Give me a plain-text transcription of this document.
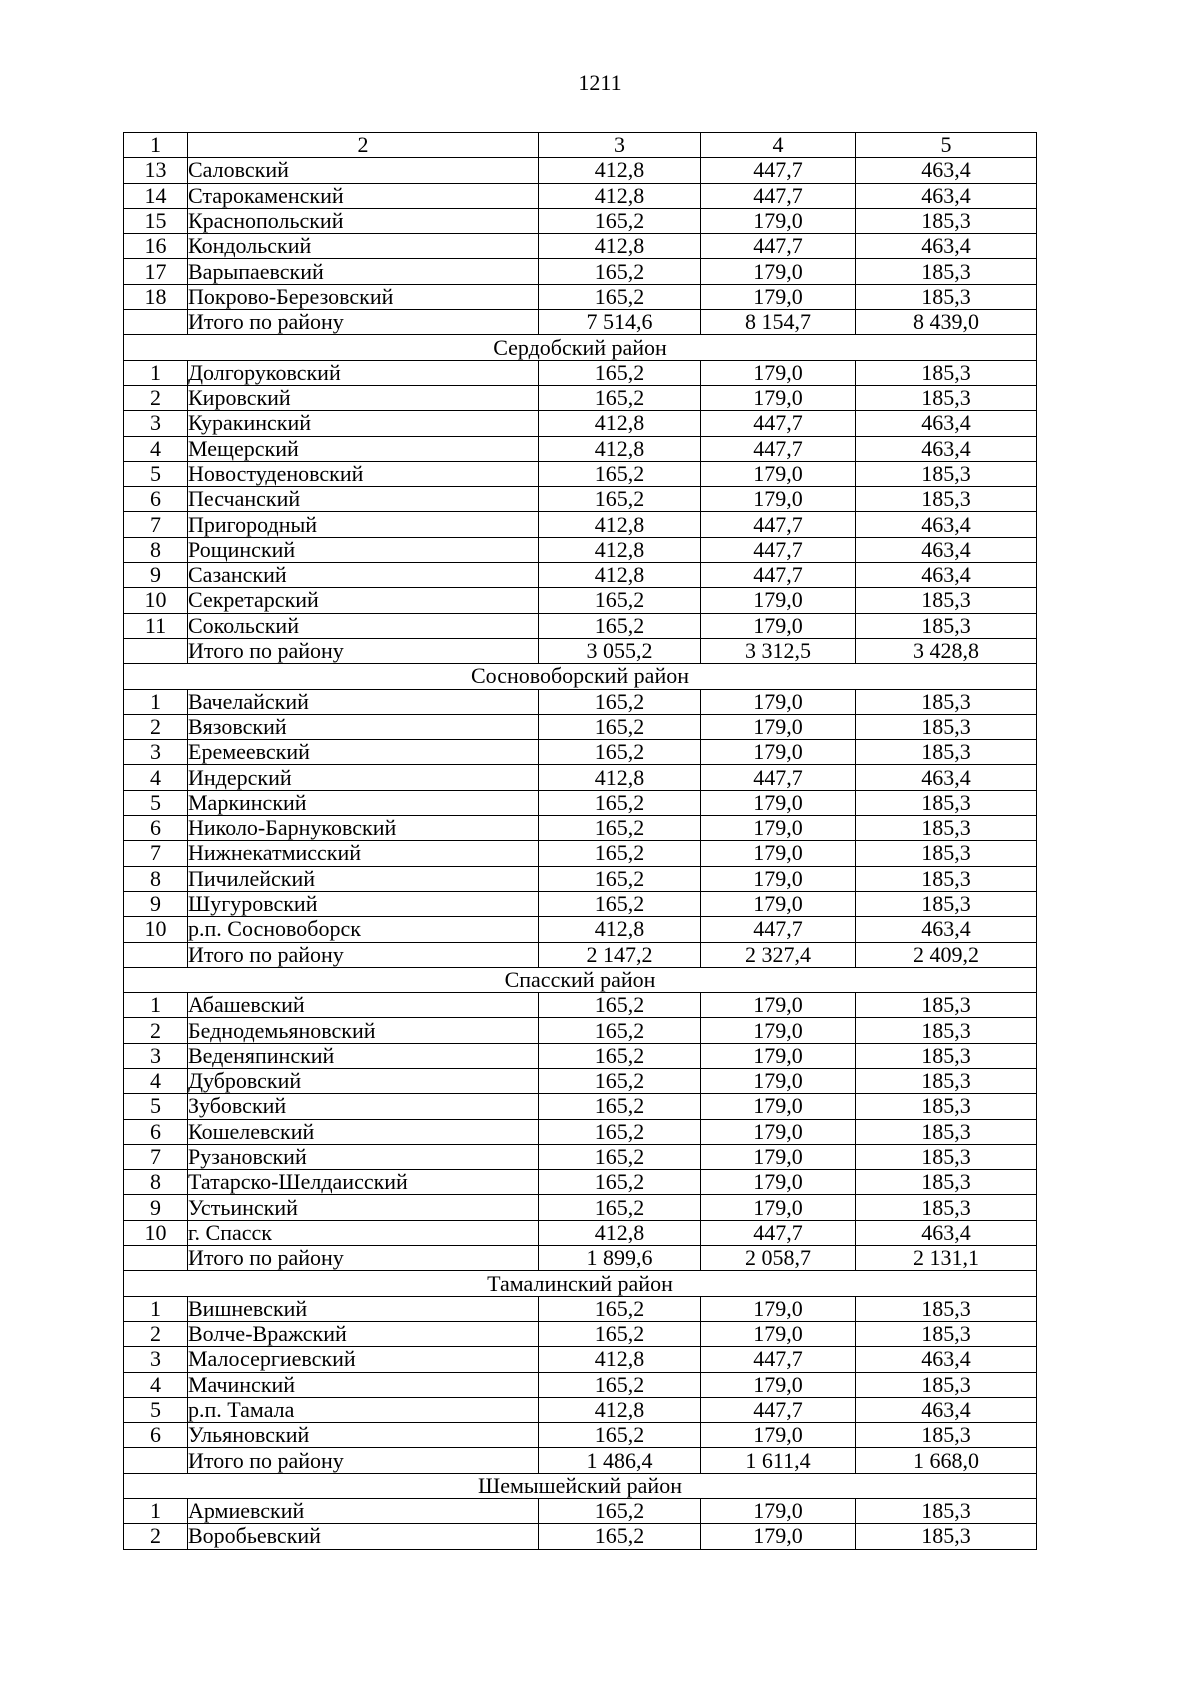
1211
1	2	3	4	5
13	Саловский	412,8	447,7	463,4
14	Старокаменский	412,8	447,7	463,4
15	Краснопольский	165,2	179,0	185,3
16	Кондольский	412,8	447,7	463,4
17	Варыпаевский	165,2	179,0	185,3
18	Покрово-Березовский	165,2	179,0	185,3
	Итого по району	7 514,6	8 154,7	8 439,0
Сердобский район				
1	Долгоруковский	165,2	179,0	185,3
2	Кировский	165,2	179,0	185,3
3	Куракинский	412,8	447,7	463,4
4	Мещерский	412,8	447,7	463,4
5	Новостуденовский	165,2	179,0	185,3
6	Песчанский	165,2	179,0	185,3
7	Пригородный	412,8	447,7	463,4
8	Рощинский	412,8	447,7	463,4
9	Сазанский	412,8	447,7	463,4
10	Секретарский	165,2	179,0	185,3
11	Сокольский	165,2	179,0	185,3
	Итого по району	3 055,2	3 312,5	3 428,8
Сосновоборский район				
1	Вачелайский	165,2	179,0	185,3
2	Вязовский	165,2	179,0	185,3
3	Еремеевский	165,2	179,0	185,3
4	Индерский	412,8	447,7	463,4
5	Маркинский	165,2	179,0	185,3
6	Николо-Барнуковский	165,2	179,0	185,3
7	Нижнекатмисский	165,2	179,0	185,3
8	Пичилейский	165,2	179,0	185,3
9	Шугуровский	165,2	179,0	185,3
10	р.п. Сосновоборск	412,8	447,7	463,4
	Итого по району	2 147,2	2 327,4	2 409,2
Спасский район				
1	Абашевский	165,2	179,0	185,3
2	Беднодемьяновский	165,2	179,0	185,3
3	Веденяпинский	165,2	179,0	185,3
4	Дубровский	165,2	179,0	185,3
5	Зубовский	165,2	179,0	185,3
6	Кошелевский	165,2	179,0	185,3
7	Рузановский	165,2	179,0	185,3
8	Татарско-Шелдаисский	165,2	179,0	185,3
9	Устьинский	165,2	179,0	185,3
10	г. Спасск	412,8	447,7	463,4
	Итого по району	1 899,6	2 058,7	2 131,1
Тамалинский район				
1	Вишневский	165,2	179,0	185,3
2	Волче-Вражский	165,2	179,0	185,3
3	Малосергиевский	412,8	447,7	463,4
4	Мачинский	165,2	179,0	185,3
5	р.п. Тамала	412,8	447,7	463,4
6	Ульяновский	165,2	179,0	185,3
	Итого по району	1 486,4	1 611,4	1 668,0
Шемышейский район				
1	Армиевский	165,2	179,0	185,3
2	Воробьевский	165,2	179,0	185,3
